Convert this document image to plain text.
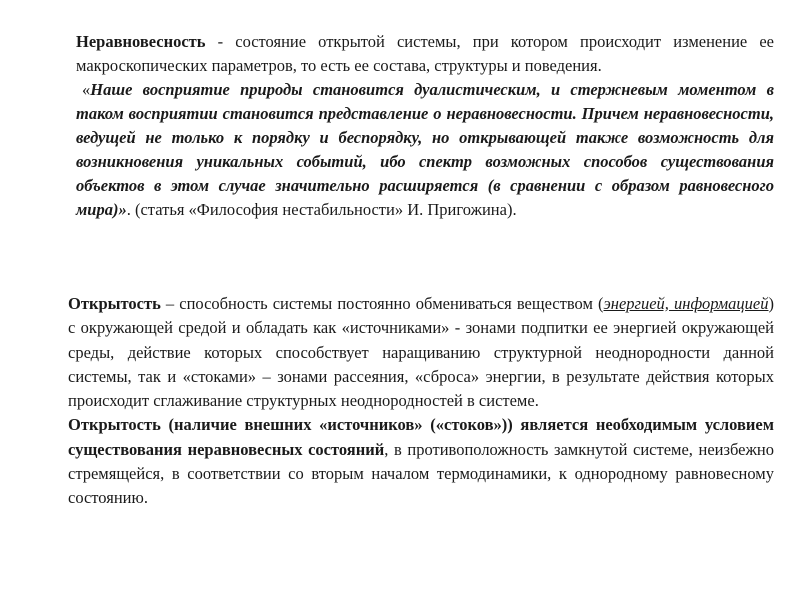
Неравновесность - состояние открытой системы, при котором происходит изменение ее макроскопических параметров, то есть ее состава, структуры и поведения.

«Наше восприятие природы становится дуалистическим, и стержневым моментом в таком восприятии становится представление о неравновесности. Причем неравновесности, ведущей не только к порядку и беспорядку, но открывающей также возможность для возникновения уникальных событий, ибо спектр возможных способов существования объектов в этом случае значительно расширяется (в сравнении с образом равновесного мира)». (статья «Философия нестабильности» И. Пригожина).

Открытость – способность системы постоянно обмениваться веществом (энергией, информацией) с окружающей средой и обладать как «источниками» - зонами подпитки ее энергией окружающей среды, действие которых способствует наращиванию структурной неоднородности данной системы, так и «стоками» – зонами рассеяния, «сброса» энергии, в результате действия которых происходит сглаживание структурных неоднородностей в системе.

Открытость (наличие внешних «источников» («стоков»)) является необходимым условием существования неравновесных состояний, в противоположность замкнутой системе, неизбежно стремящейся, в соответствии со вторым началом термодинамики, к однородному равновесному состоянию.
